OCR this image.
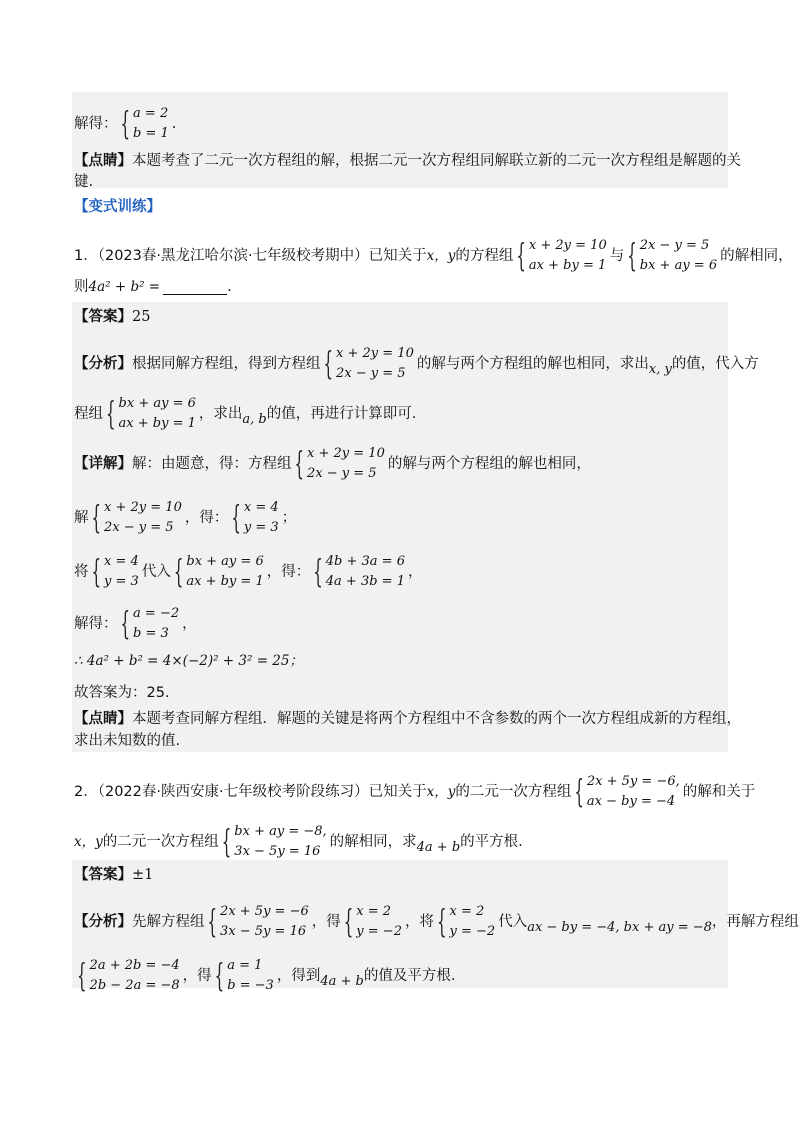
解得： { a = 2
b = 1
.
【点睛】本题考查了二元一次方程组的解，根据二元一次方程组同解联立新的二元一次方程组是解题的关
键.
【变式训练】
1．（2023春·黑龙江哈尔滨·七年级校考期中）已知关于x，y的方程组 { x + 2y = 10
ax + by = 1
与 { 2x − y = 5
bx + ay = 6
的解相同，
则4a² + b² =	.
【答案】25
【分析】根据同解方程组，得到方程组 { x + 2y = 10
2x − y = 5
的解与两个方程组的解也相同，求出x, y的值，代入方
程组 { bx + ay = 6
ax + by = 1
，求出a, b的值，再进行计算即可.
【详解】解：由题意，得：方程组 { x + 2y = 10
2x − y = 5
的解与两个方程组的解也相同，
解 { x + 2y = 10
2x − y = 5
，得： { x = 4
y = 3
；
将 { x = 4
y = 3
代入 { bx + ay = 6
ax + by = 1
，得： { 4b + 3a = 6
4a + 3b = 1
，
解得： { a = −2
b = 3
，
∴ 4a² + b² = 4×(−2)² + 3² = 25；
故答案为：25.
【点睛】本题考查同解方程组．解题的关键是将两个方程组中不含参数的两个一次方程组成新的方程组，
求出未知数的值.
2．（2022春·陕西安康·七年级校考阶段练习）已知关于x，y的二元一次方程组 { 2x + 5y = −6,
ax − by = −4
的解和关于
x，y的二元一次方程组 { bx + ay = −8,
3x − 5y = 16
的解相同，求4a + b的平方根.
【答案】±1
【分析】先解方程组 { 2x + 5y = −6
3x − 5y = 16
，得 { x = 2
y = −2
，将 { x = 2
y = −2
代入ax − by = −4, bx + ay = −8，再解方程组
{ 2a + 2b = −4
2b − 2a = −8
，得 { a = 1
b = −3
，得到4a + b的值及平方根.
